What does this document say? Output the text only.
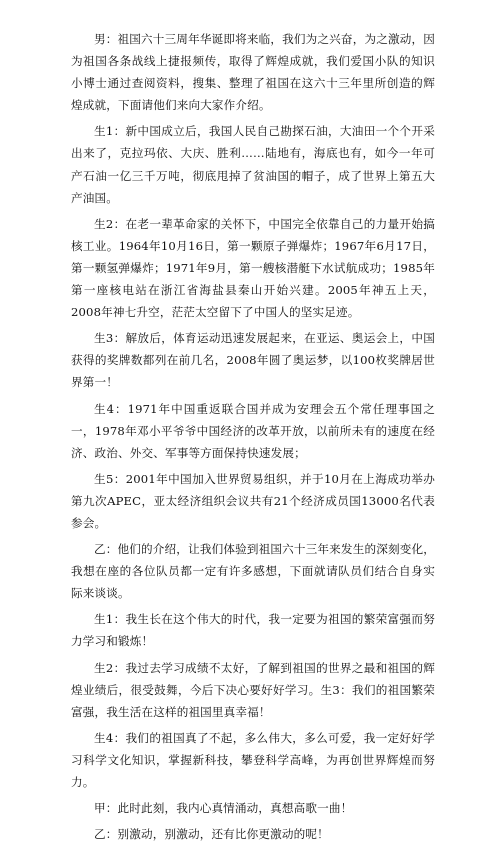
男：祖国六十三周年华诞即将来临，我们为之兴奋，为之激动，因为祖国各条战线上捷报频传，取得了辉煌成就，我们爱国小队的知识小博士通过查阅资料，搜集、整理了祖国在这六十三年里所创造的辉煌成就，下面请他们来向大家作介绍。

生1：新中国成立后，我国人民自己勘探石油，大油田一个个开采出来了，克拉玛依、大庆、胜利……陆地有，海底也有，如今一年可产石油一亿三千万吨，彻底甩掉了贫油国的帽子，成了世界上第五大产油国。

生2：在老一辈革命家的关怀下，中国完全依靠自己的力量开始搞核工业。1964年10月16日，第一颗原子弹爆炸；1967年6月17日，第一颗氢弹爆炸；1971年9月，第一艘核潜艇下水试航成功；1985年第一座核电站在浙江省海盐县秦山开始兴建。2005年神五上天，2008年神七升空，茫茫太空留下了中国人的坚实足迹。

生3：解放后，体育运动迅速发展起来，在亚运、奥运会上，中国获得的奖牌数都列在前几名，2008年圆了奥运梦，以100枚奖牌居世界第一！

生4：1971年中国重返联合国并成为安理会五个常任理事国之一，1978年邓小平爷爷中国经济的改革开放，以前所未有的速度在经济、政治、外交、军事等方面保持快速发展；

生5：2001年中国加入世界贸易组织，并于10月在上海成功举办第九次APEC，亚太经济组织会议共有21个经济成员国13000名代表参会。

乙：他们的介绍，让我们体验到祖国六十三年来发生的深刻变化，我想在座的各位队员都一定有许多感想，下面就请队员们结合自身实际来谈谈。

生1：我生长在这个伟大的时代，我一定要为祖国的繁荣富强而努力学习和锻炼！

生2：我过去学习成绩不太好，了解到祖国的世界之最和祖国的辉煌业绩后，很受鼓舞，今后下决心要好好学习。生3：我们的祖国繁荣富强，我生活在这样的祖国里真幸福！

生4：我们的祖国真了不起，多么伟大，多么可爱，我一定好好学习科学文化知识，掌握新科技，攀登科学高峰，为再创世界辉煌而努力。

甲：此时此刻，我内心真情涌动，真想高歌一曲！

乙：别激动，别激动，还有比你更激动的呢！
